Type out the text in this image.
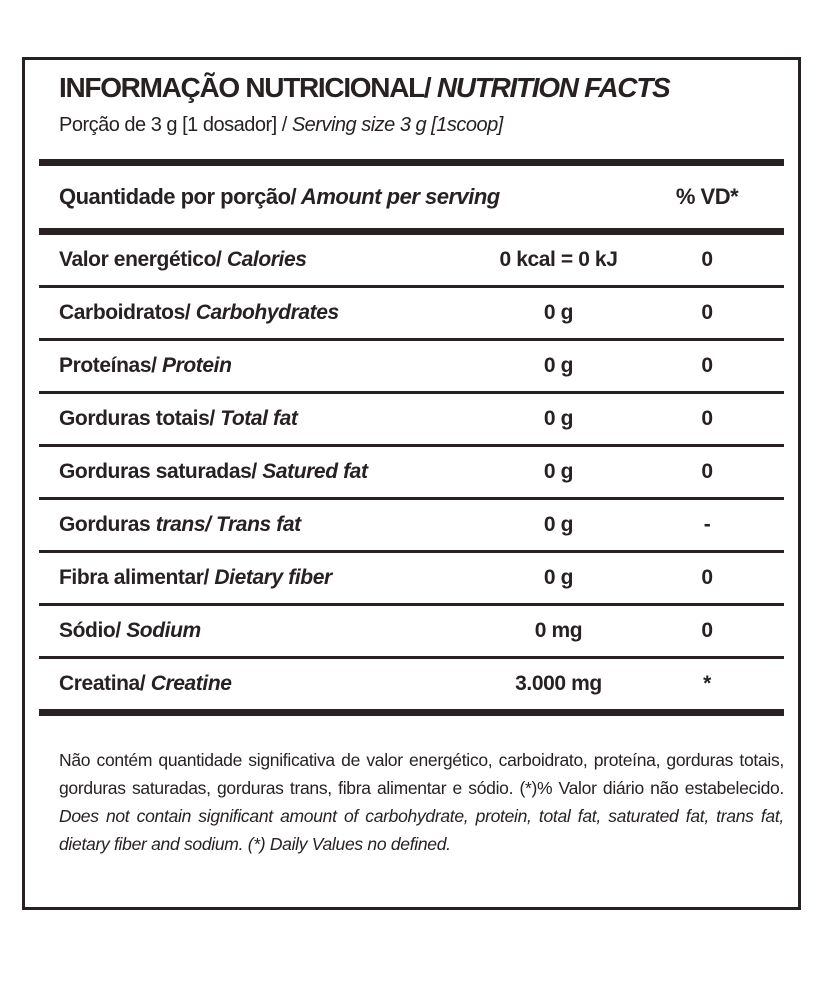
INFORMAÇÃO NUTRICIONAL/ NUTRITION FACTS

Porção de 3 g [1 dosador] / Serving size 3 g [1scoop]

Quantidade por porção/ Amount per serving	% VD*
Valor energético/ Calories	0 kcal = 0 kJ	0
Carboidratos/ Carbohydrates	0 g	0
Proteínas/ Protein	0 g	0
Gorduras totais/ Total fat	0 g	0
Gorduras saturadas/ Satured fat	0 g	0
Gorduras trans/ Trans fat	0 g	-
Fibra alimentar/ Dietary fiber	0 g	0
Sódio/ Sodium	0 mg	0
Creatina/ Creatine	3.000 mg	*

Não contém quantidade significativa de valor energético, carboidrato, proteína, gorduras totais, gorduras saturadas, gorduras trans, fibra alimentar e sódio. (*)% Valor diário não estabelecido. Does not contain significant amount of carbohydrate, protein, total fat, saturated fat, trans fat, dietary fiber and sodium. (*) Daily Values no defined.
